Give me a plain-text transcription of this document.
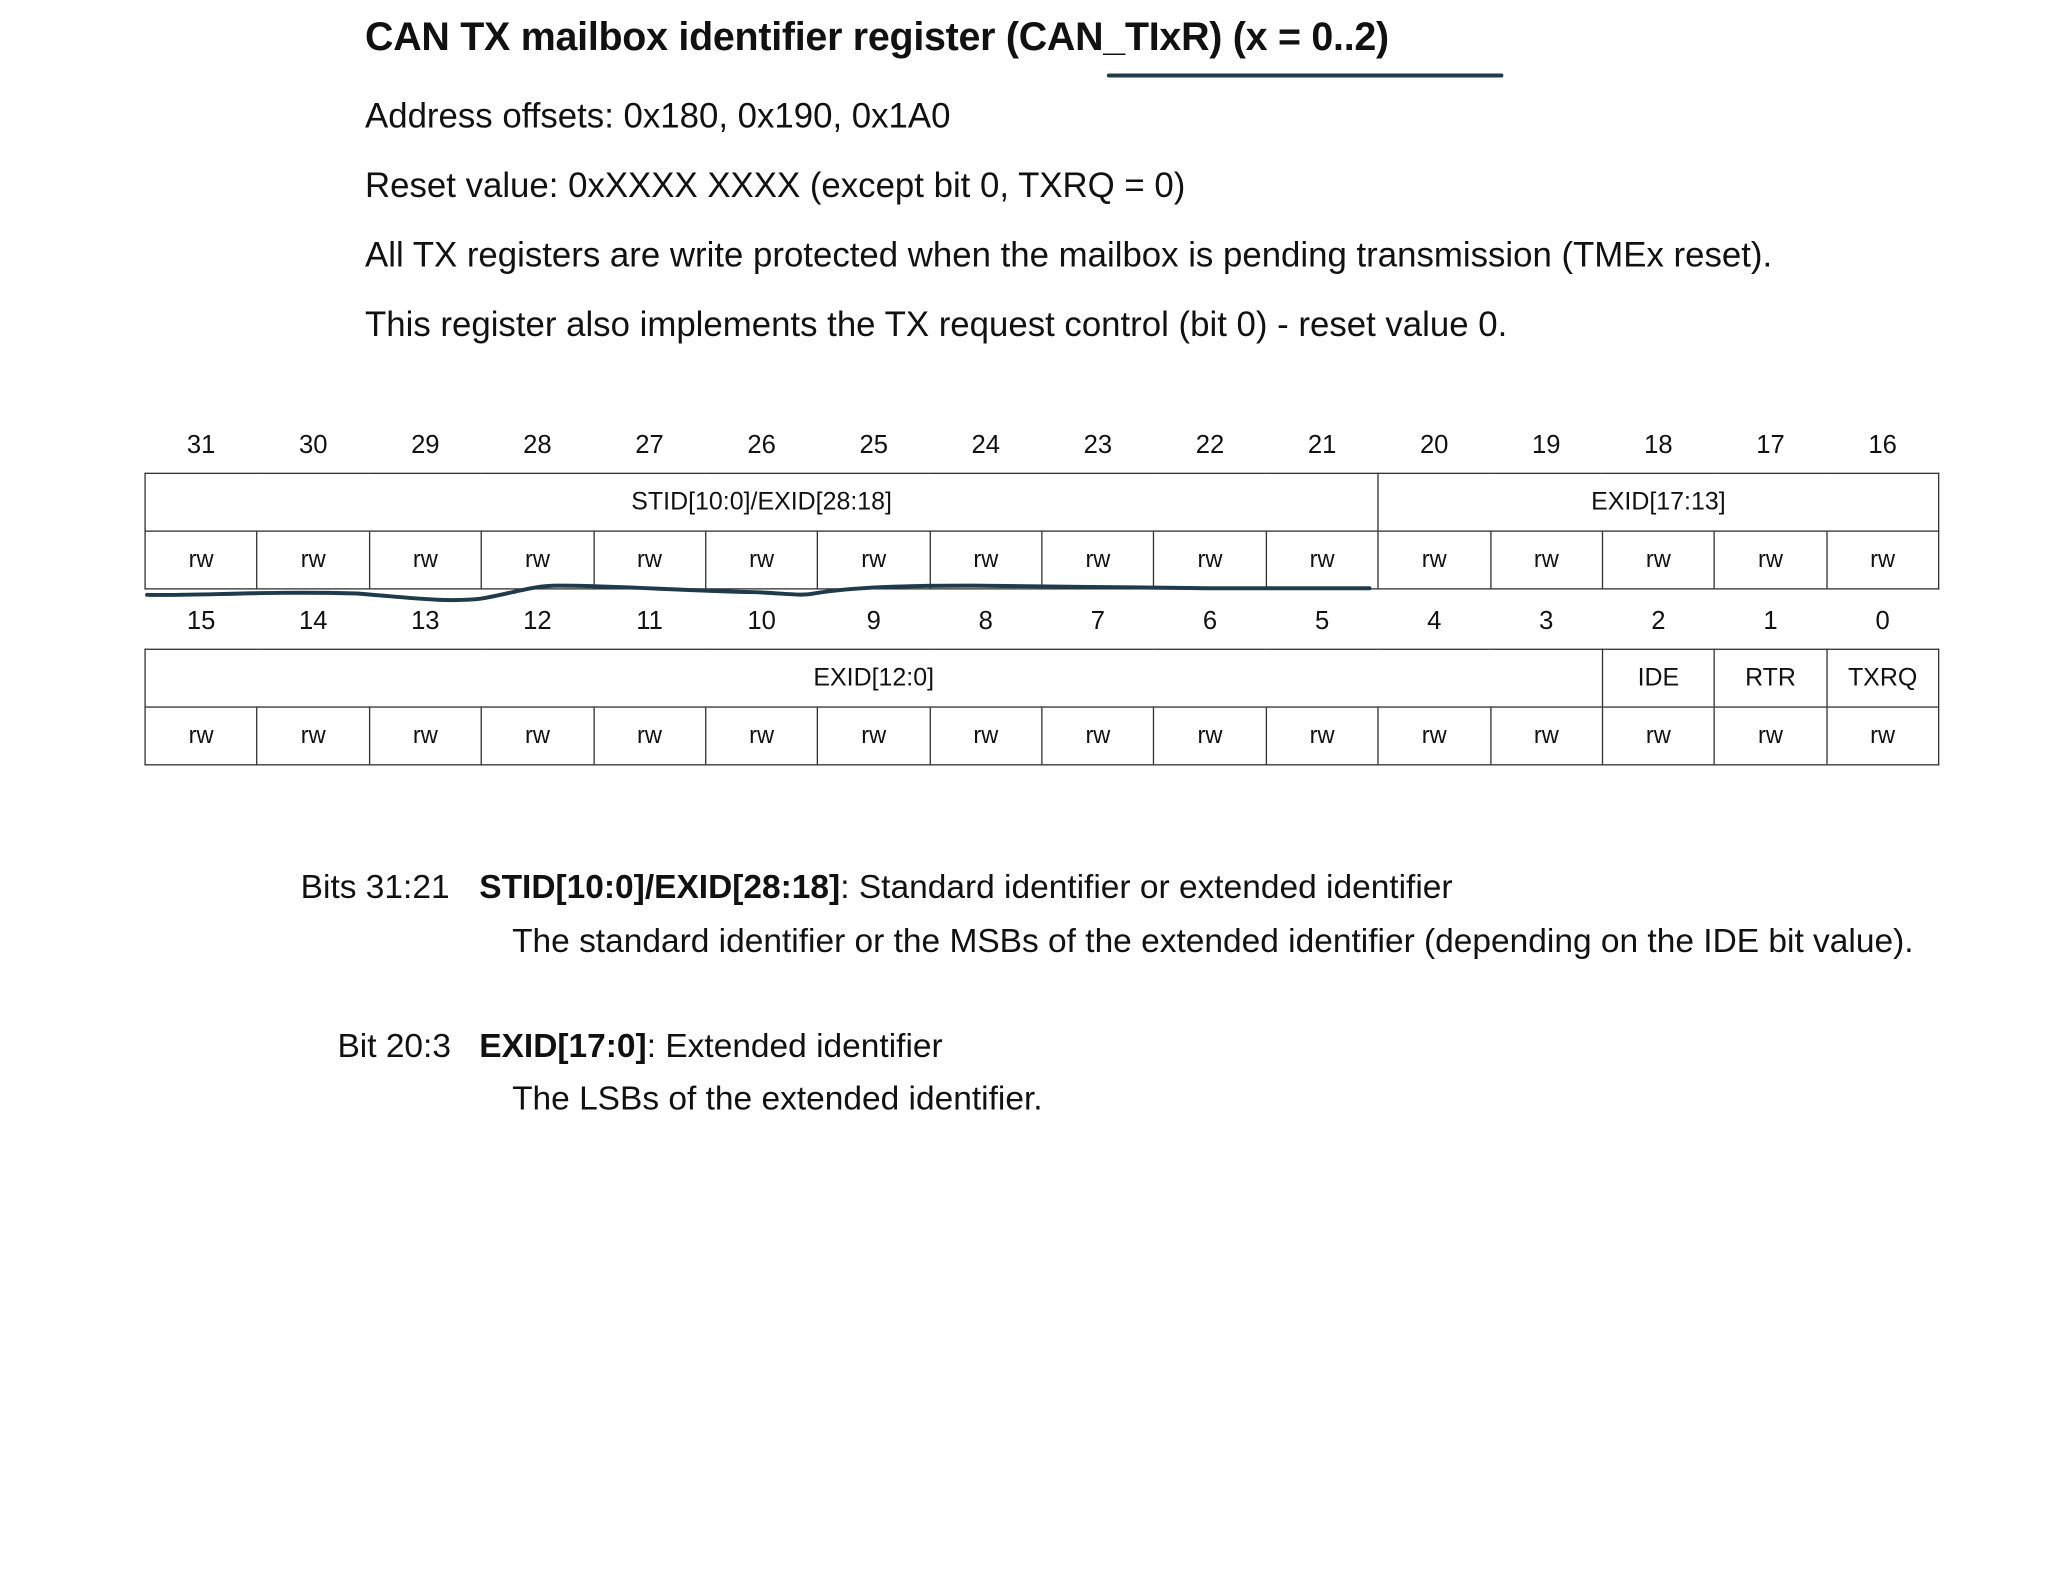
CAN TX mailbox identifier register (CAN_TIxR) (x = 0..2)

Address offsets: 0x180, 0x190, 0x1A0

Reset value: 0xXXXX XXXX (except bit 0, TXRQ = 0)

All TX registers are write protected when the mailbox is pending transmission (TMEx reset).

This register also implements the TX request control (bit 0) - reset value 0.

31	30	29	28	27	26	25	24	23	22	21	20	19	18	17	16
STID[10:0]/EXID[28:18]											EXID[17:13]				
rw	rw	rw	rw	rw	rw	rw	rw	rw	rw	rw	rw	rw	rw	rw	rw
15	14	13	12	11	10	9	8	7	6	5	4	3	2	1	0
EXID[12:0]													IDE	RTR	TXRQ
rw	rw	rw	rw	rw	rw	rw	rw	rw	rw	rw	rw	rw	rw	rw	rw

Bits 31:21 STID[10:0]/EXID[28:18]: Standard identifier or extended identifier

The standard identifier or the MSBs of the extended identifier (depending on the IDE bit value).

Bit 20:3 EXID[17:0]: Extended identifier

The LSBs of the extended identifier.
